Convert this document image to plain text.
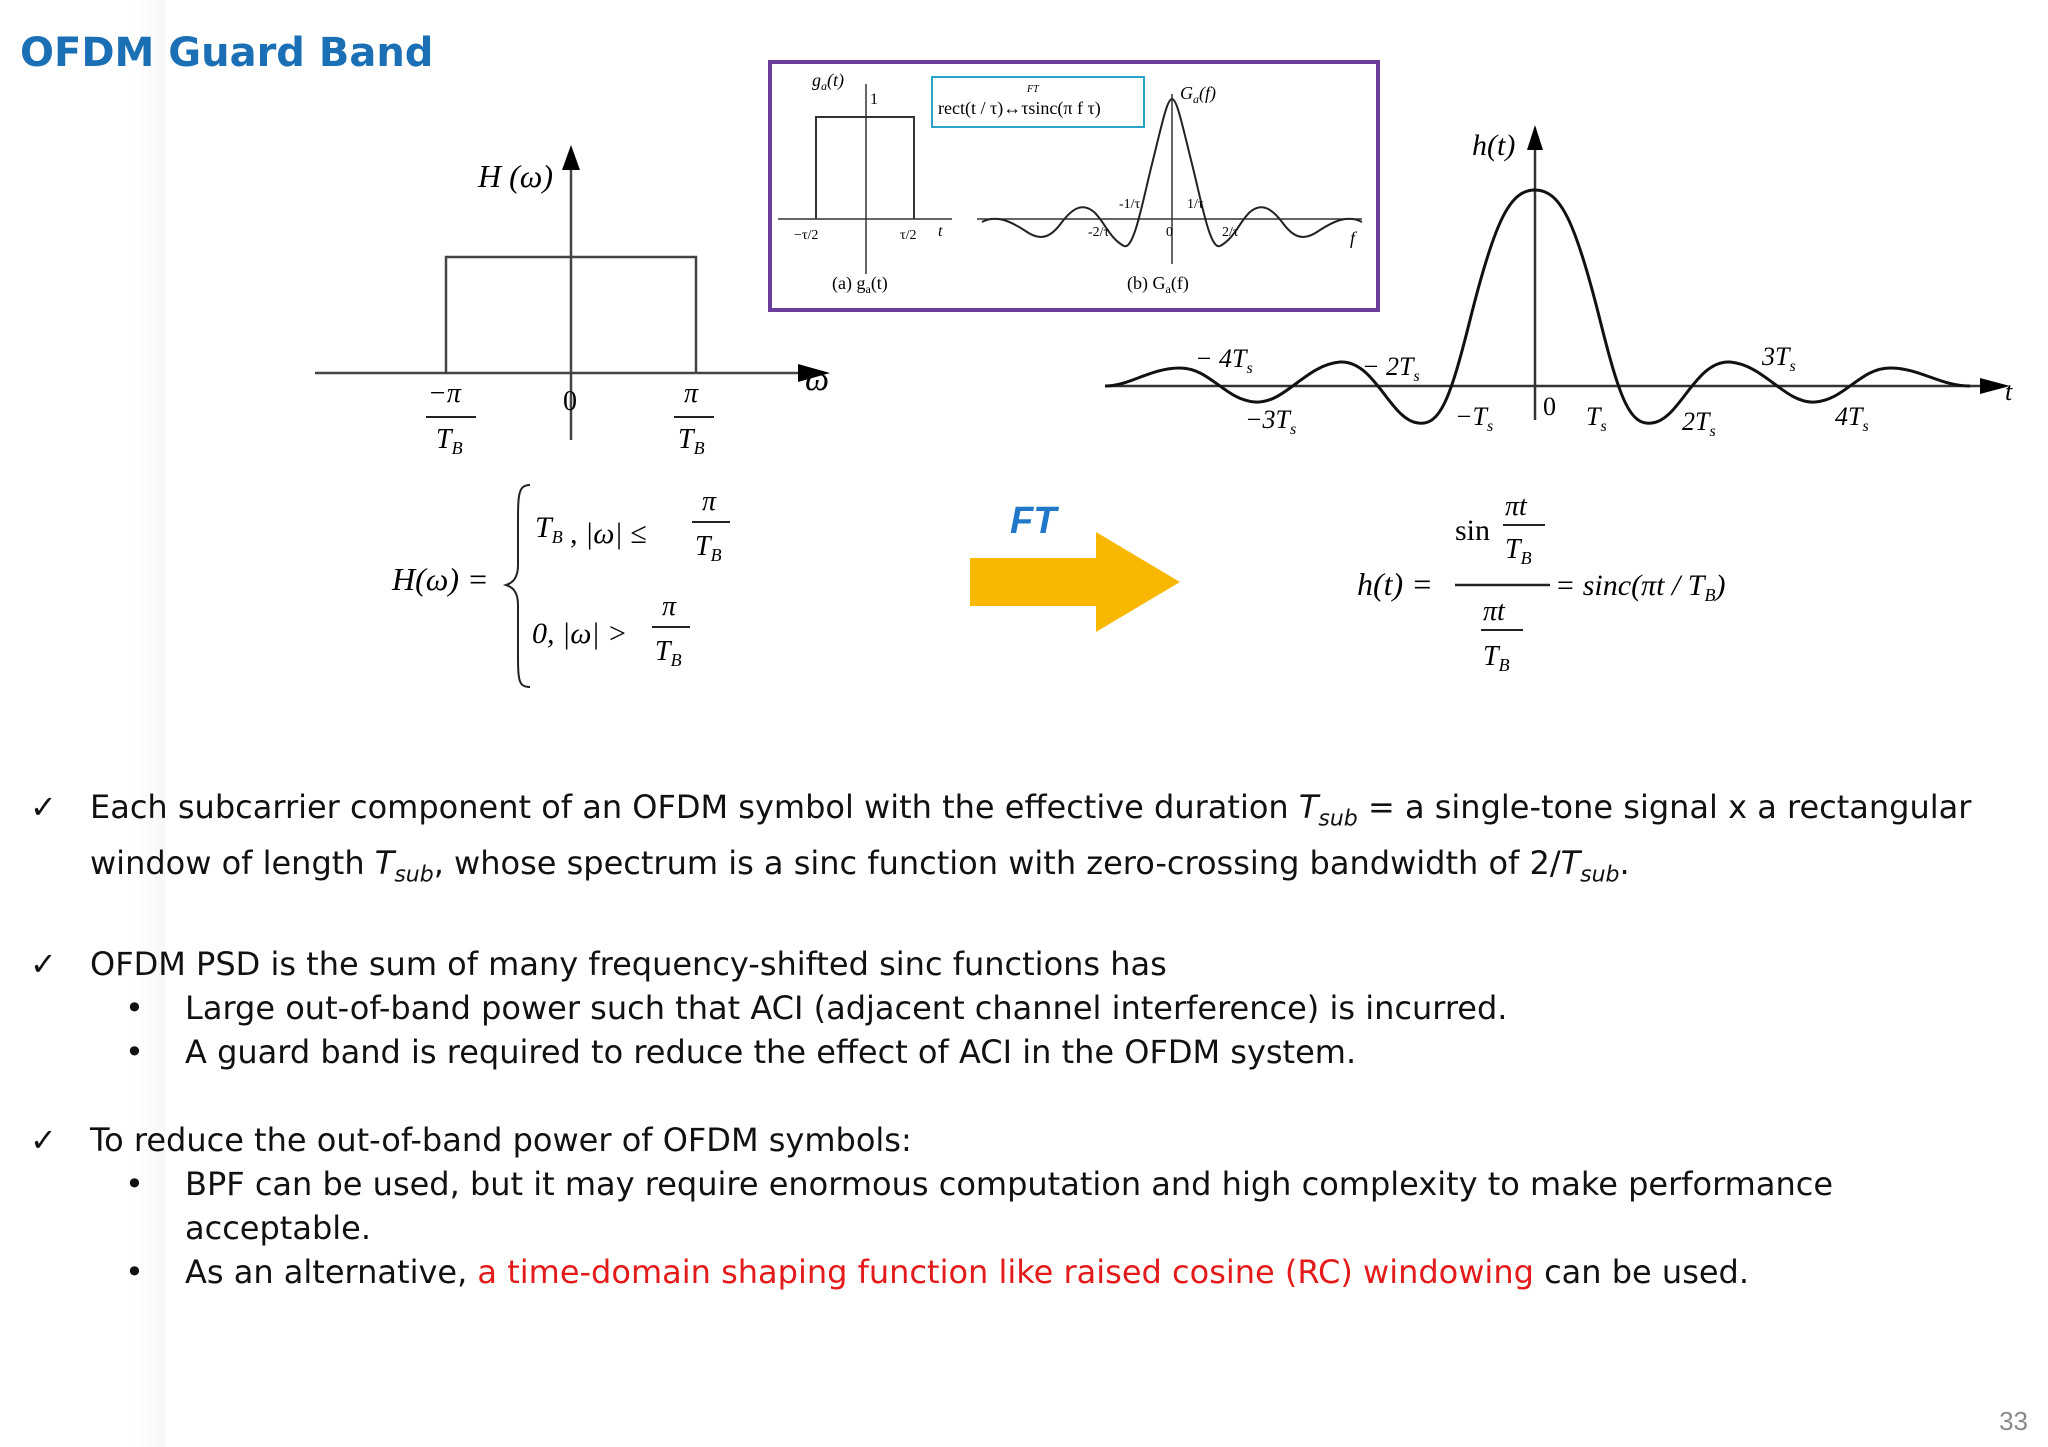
OFDM Guard Band
H (ω)
ω
−π
$T_B$
0	π
$T_B$
$g_a(t)$
1
−τ/2	τ/2 t
(a) $g_a(t)$
FT
rect(t / τ)↔τsinc(π f τ)
$G_a(f)$
-1/τ	1/τ
-2/τ	2/τ
0	f
(b) $G_a(f)$
h(t)
t
− $4T_s$
$-3T_s$
− $2T_s$
$-T_s$
0 $T_s$	$2T_s$
$3T_s$
$4T_s$
H(ω) =
$T_B$ , |ω| ≤
π
$T_B$
0, |ω| >
π
$T_B$
FT
h(t) =
sin
πt
$T_B$
πt
$T_B$
= $\sin c(\pi t / T_B)$
✓ Each subcarrier component of an OFDM symbol with the effective duration $T_{sub} = a$ single-tone signal x a rectangular window of length $T_{sub}$, whose spectrum is a sinc function with zero-crossing bandwidth of $2/T_{sub}$.
✓ OFDM PSD is the sum of many frequency-shifted sinc functions has
• Large out-of-band power such that ACI (adjacent channel interference) is incurred.
• A guard band is required to reduce the effect of ACI in the OFDM system.
✓ To reduce the out-of-band power of OFDM symbols:
• BPF can be used, but it may require enormous computation and high complexity to make performance acceptable.
• As an alternative, a time-domain shaping function like raised cosine (RC) windowing can be used.
33
